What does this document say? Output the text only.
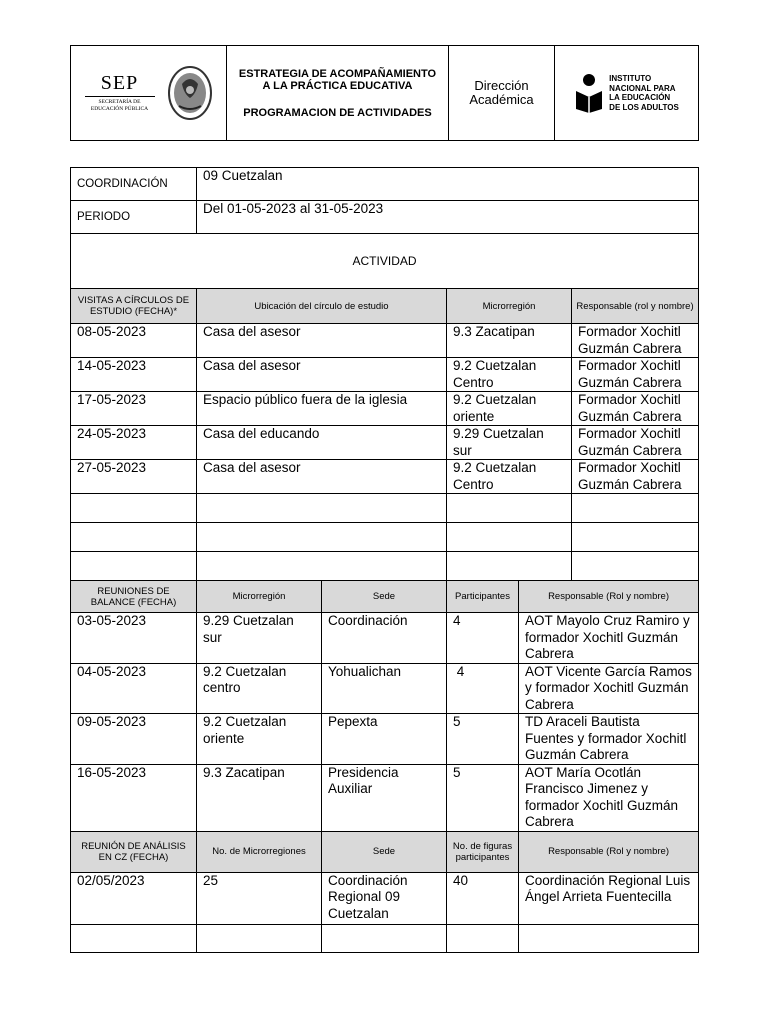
SEP
SECRETARÍA DE
EDUCACIÓN PÚBLICA

ESTRATEGIA DE ACOMPAÑAMIENTO
A LA PRÁCTICA EDUCATIVA
PROGRAMACION DE ACTIVIDADES

Dirección
Académica

INSTITUTO
NACIONAL PARA
LA EDUCACIÓN
DE LOS ADULTOS
COORDINACIÓN	09 Cuetzalan				
PERIODO	Del 01-05-2023 al 31-05-2023				
ACTIVIDAD					
VISITAS A CÍRCULOS DE ESTUDIO (FECHA)*	Ubicación del círculo de estudio		Microrregión		Responsable (rol y nombre)
08-05-2023	Casa del asesor		9.3 Zacatipan		Formador Xochitl Guzmán Cabrera
14-05-2023	Casa del asesor		9.2 Cuetzalan Centro		Formador Xochitl Guzmán Cabrera
17-05-2023	Espacio público fuera de la iglesia		9.2 Cuetzalan oriente		Formador Xochitl Guzmán Cabrera
24-05-2023	Casa del educando		9.29 Cuetzalan sur		Formador Xochitl Guzmán Cabrera
27-05-2023	Casa del asesor		9.2 Cuetzalan Centro		Formador Xochitl Guzmán Cabrera

REUNIONES DE BALANCE (FECHA)	Microrregión	Sede	Participantes	Responsable (Rol y nombre)	
03-05-2023	9.29 Cuetzalan sur	Coordinación	4	AOT Mayolo Cruz Ramiro y formador Xochitl Guzmán Cabrera	
04-05-2023	9.2 Cuetzalan centro	Yohualichan	4	AOT Vicente García Ramos y formador Xochitl Guzmán Cabrera	
09-05-2023	9.2 Cuetzalan oriente	Pepexta	5	TD Araceli Bautista Fuentes y formador Xochitl Guzmán Cabrera	
16-05-2023	9.3 Zacatipan	Presidencia Auxiliar	5	AOT María Ocotlán Francisco Jimenez y formador Xochitl Guzmán Cabrera	
REUNIÓN DE ANÁLISIS EN CZ (FECHA)	No. de Microrregiones	Sede	No. de figuras participantes	Responsable (Rol y nombre)	
02/05/2023	25	Coordinación Regional 09 Cuetzalan	40	Coordinación Regional Luis Ángel Arrieta Fuentecilla	
